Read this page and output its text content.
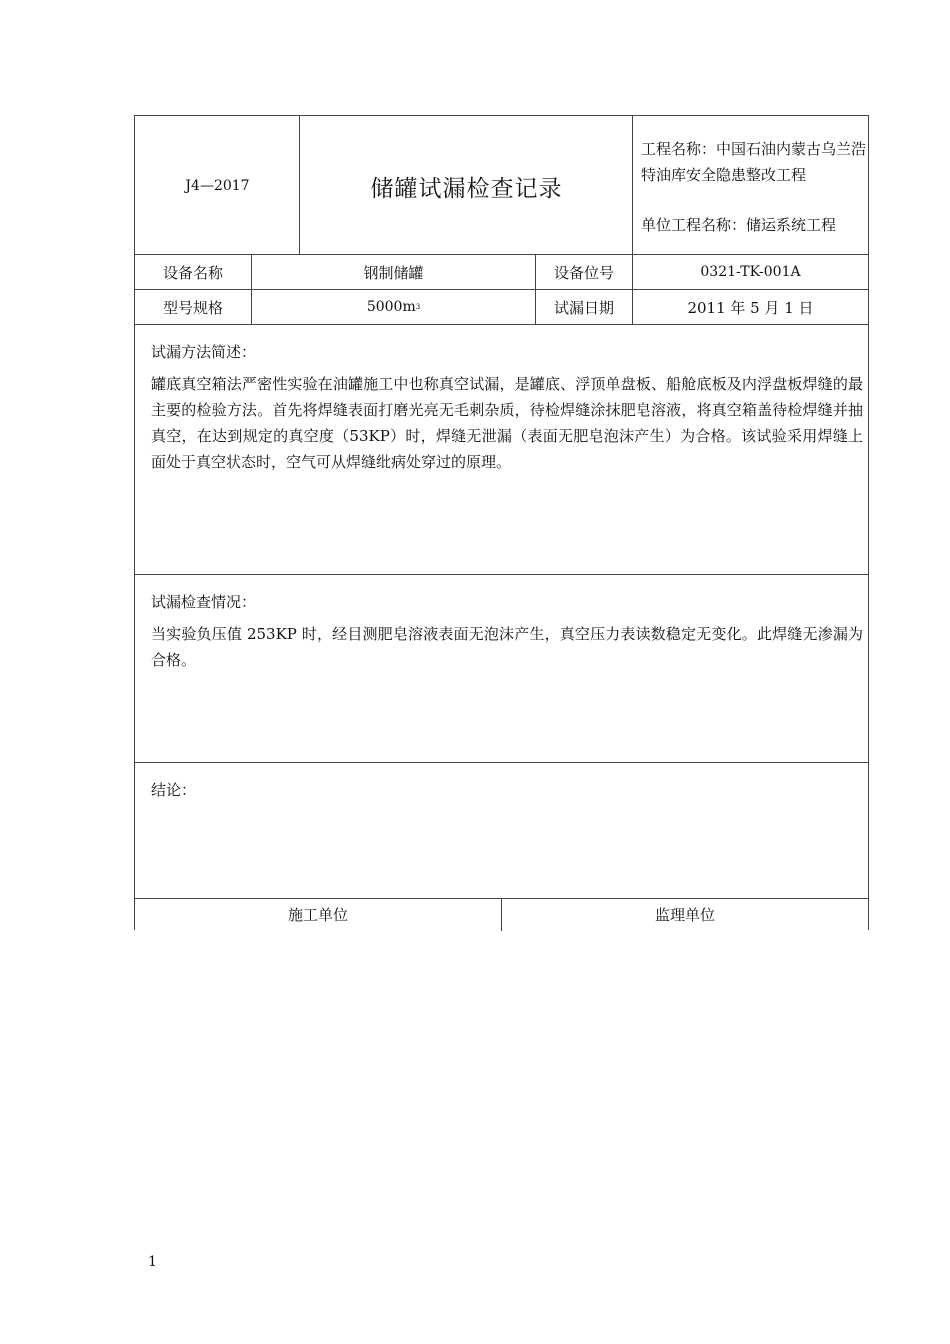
J4—2017	储罐试漏检查记录
工程名称：中国石油内蒙古乌兰浩特油库安全隐患整改工程
单位工程名称：储运系统工程
设备名称	钢制储罐	设备位号	0321-TK-001A
型号规格	5000m 3	试漏日期	2011 年 5 月 1 日
试漏方法简述：
罐底真空箱法严密性实验在油罐施工中也称真空试漏，是罐底、浮顶单盘板、船舱底板及内浮盘板焊缝的最主要的检验方法。首先将焊缝表面打磨光亮无毛刺杂质，待检焊缝涂抹肥皂溶液，将真空箱盖待检焊缝并抽真空，在达到规定的真空度（53KP）时，焊缝无泄漏（表面无肥皂泡沫产生）为合格。该试验采用焊缝上面处于真空状态时，空气可从焊缝纰病处穿过的原理。
试漏检查情况：
当实验负压值 253KP 时，经目测肥皂溶液表面无泡沫产生，真空压力表读数稳定无变化。此焊缝无渗漏为合格。
结论：
施工单位	监理单位
1
